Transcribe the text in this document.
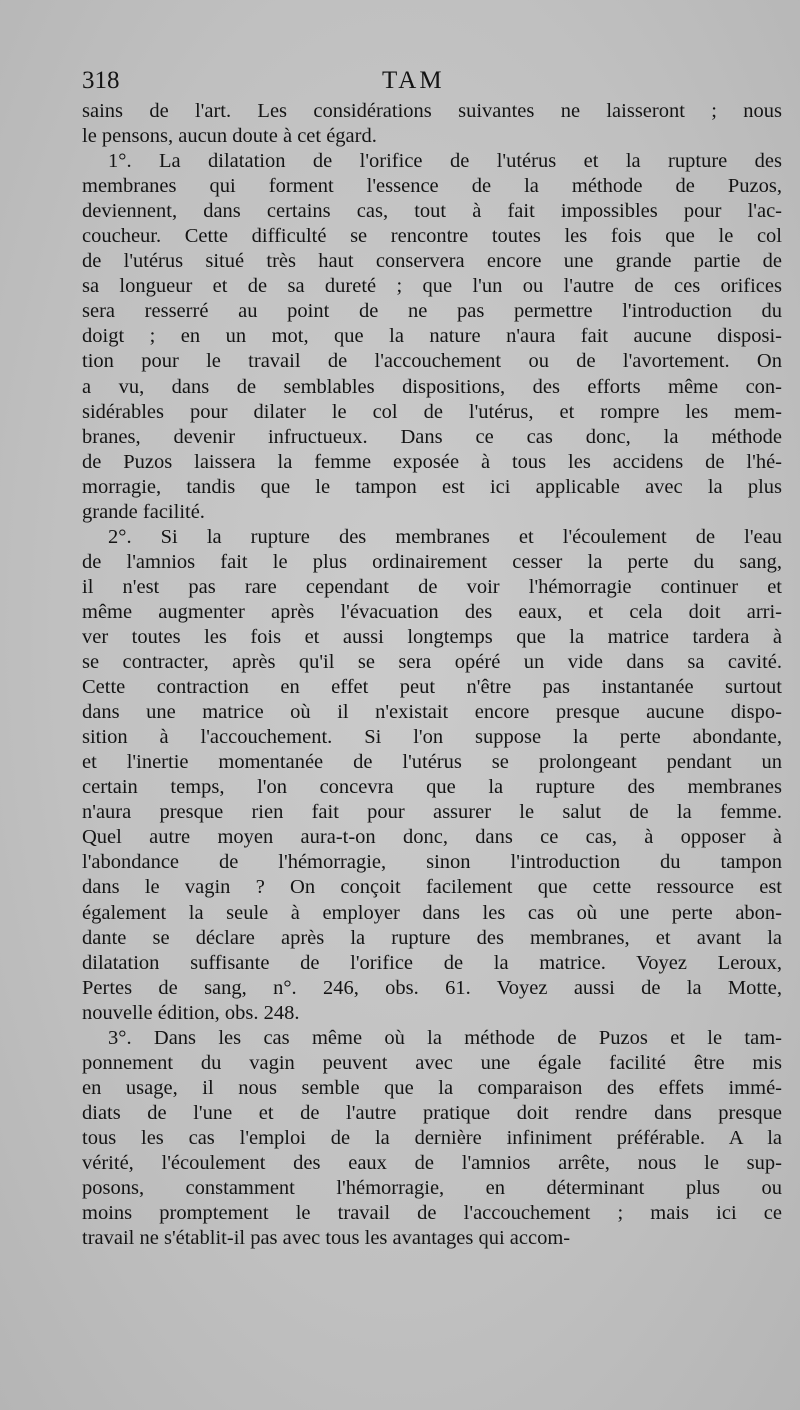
318	TAM
sains de l'art. Les considérations suivantes ne laisseront ; nous
le pensons, aucun doute à cet égard.
1°. La dilatation de l'orifice de l'utérus et la rupture des
membranes qui forment l'essence de la méthode de Puzos,
deviennent, dans certains cas, tout à fait impossibles pour l'ac-
coucheur. Cette difficulté se rencontre toutes les fois que le col
de l'utérus situé très haut conservera encore une grande partie de
sa longueur et de sa dureté ; que l'un ou l'autre de ces orifices
sera resserré au point de ne pas permettre l'introduction du
doigt ; en un mot, que la nature n'aura fait aucune disposi-
tion pour le travail de l'accouchement ou de l'avortement. On
a vu, dans de semblables dispositions, des efforts même con-
sidérables pour dilater le col de l'utérus, et rompre les mem-
branes, devenir infructueux. Dans ce cas donc, la méthode
de Puzos laissera la femme exposée à tous les accidens de l'hé-
morragie, tandis que le tampon est ici applicable avec la plus
grande facilité.
2°. Si la rupture des membranes et l'écoulement de l'eau
de l'amnios fait le plus ordinairement cesser la perte du sang,
il n'est pas rare cependant de voir l'hémorragie continuer et
même augmenter après l'évacuation des eaux, et cela doit arri-
ver toutes les fois et aussi longtemps que la matrice tardera à
se contracter, après qu'il se sera opéré un vide dans sa cavité.
Cette contraction en effet peut n'être pas instantanée surtout
dans une matrice où il n'existait encore presque aucune dispo-
sition à l'accouchement. Si l'on suppose la perte abondante,
et l'inertie momentanée de l'utérus se prolongeant pendant un
certain temps, l'on concevra que la rupture des membranes
n'aura presque rien fait pour assurer le salut de la femme.
Quel autre moyen aura-t-on donc, dans ce cas, à opposer à
l'abondance de l'hémorragie, sinon l'introduction du tampon
dans le vagin ? On conçoit facilement que cette ressource est
également la seule à employer dans les cas où une perte abon-
dante se déclare après la rupture des membranes, et avant la
dilatation suffisante de l'orifice de la matrice. Voyez Leroux,
Pertes de sang, n°. 246, obs. 61. Voyez aussi de la Motte,
nouvelle édition, obs. 248.
3°. Dans les cas même où la méthode de Puzos et le tam-
ponnement du vagin peuvent avec une égale facilité être mis
en usage, il nous semble que la comparaison des effets immé-
diats de l'une et de l'autre pratique doit rendre dans presque
tous les cas l'emploi de la dernière infiniment préférable. A la
vérité, l'écoulement des eaux de l'amnios arrête, nous le sup-
posons, constamment l'hémorragie, en déterminant plus ou
moins promptement le travail de l'accouchement ; mais ici ce
travail ne s'établit-il pas avec tous les avantages qui accom-
